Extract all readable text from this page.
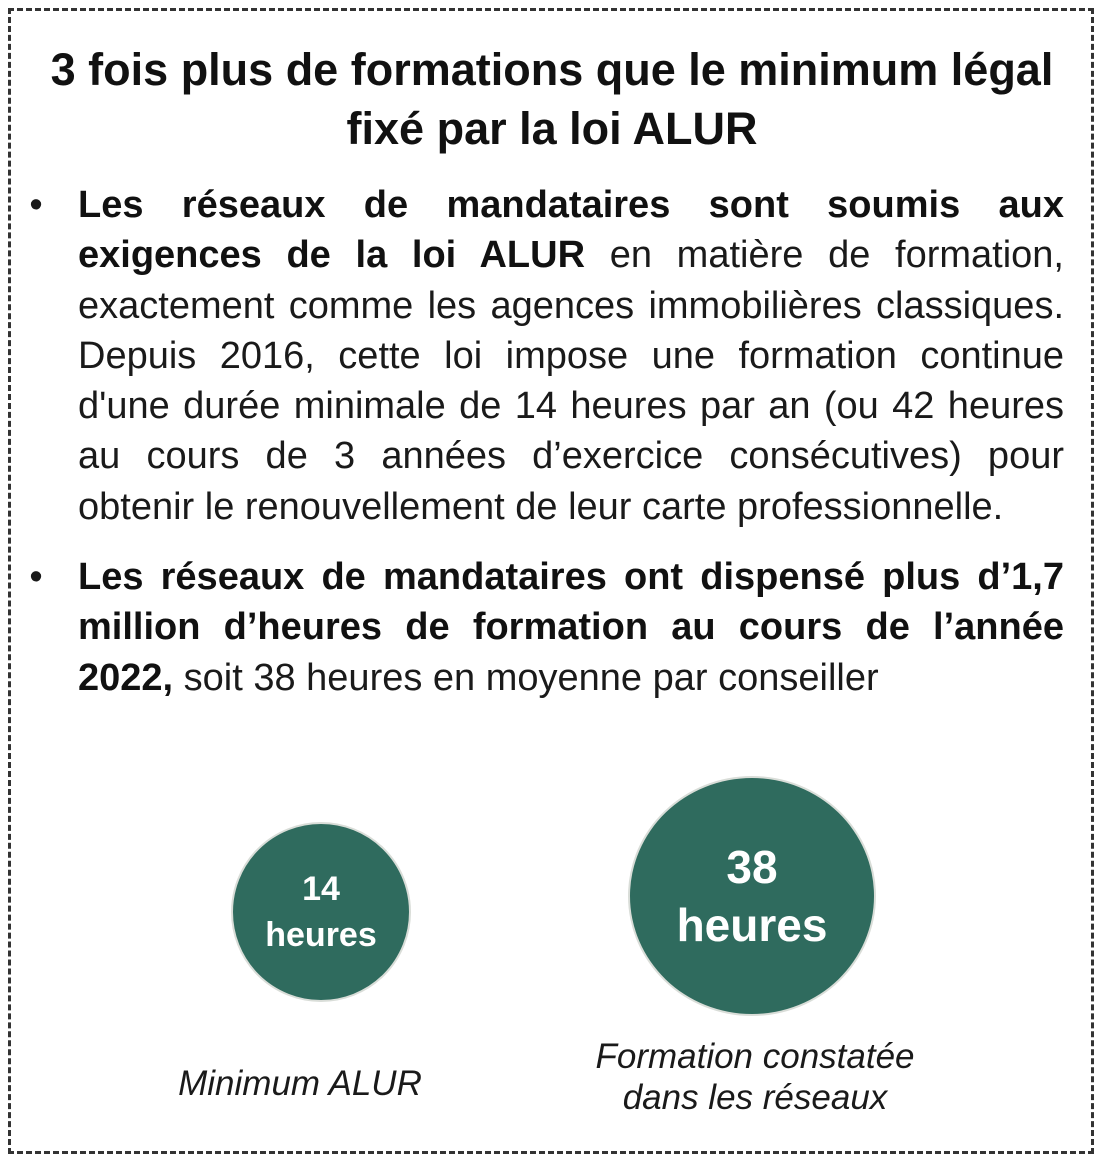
3 fois plus de formations que le minimum légal fixé par la loi ALUR
• Les réseaux de mandataires sont soumis aux exigences de la loi ALUR en matière de formation, exactement comme les agences immobilières classiques. Depuis 2016, cette loi impose une formation continue d'une durée minimale de 14 heures par an (ou 42 heures au cours de 3 années d’exercice consécutives) pour obtenir le renouvellement de leur carte professionnelle.
• Les réseaux de mandataires ont dispensé plus d’1,7 million d’heures de formation au cours de l’année 2022, soit 38 heures en moyenne par conseiller
14
heures
38
heures
Minimum ALUR
Formation constatée
dans les réseaux
